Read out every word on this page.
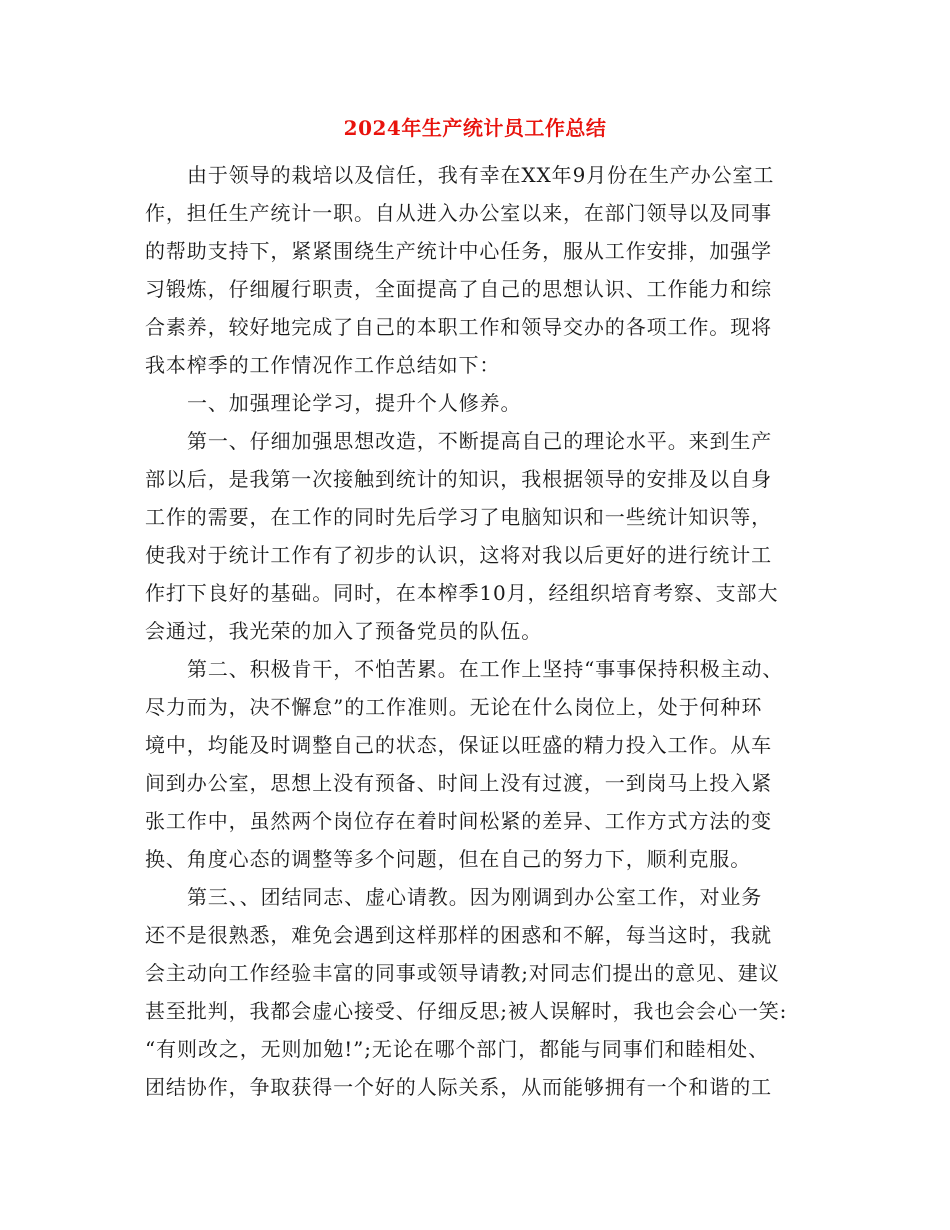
2024年生产统计员工作总结
由于领导的栽培以及信任，我有幸在XX年9月份在生产办公室工
作，担任生产统计一职。自从进入办公室以来，在部门领导以及同事
的帮助支持下，紧紧围绕生产统计中心任务，服从工作安排，加强学
习锻炼，仔细履行职责，全面提高了自己的思想认识、工作能力和综
合素养，较好地完成了自己的本职工作和领导交办的各项工作。现将
我本榨季的工作情况作工作总结如下：
一、加强理论学习，提升个人修养。
第一、仔细加强思想改造，不断提高自己的理论水平。来到生产
部以后，是我第一次接触到统计的知识，我根据领导的安排及以自身
工作的需要，在工作的同时先后学习了电脑知识和一些统计知识等，
使我对于统计工作有了初步的认识，这将对我以后更好的进行统计工
作打下良好的基础。同时，在本榨季10月，经组织培育考察、支部大
会通过，我光荣的加入了预备党员的队伍。
第二、积极肯干，不怕苦累。在工作上坚持“事事保持积极主动、
尽力而为，决不懈怠”的工作准则。无论在什么岗位上，处于何种环
境中，均能及时调整自己的状态，保证以旺盛的精力投入工作。从车
间到办公室，思想上没有预备、时间上没有过渡，一到岗马上投入紧
张工作中，虽然两个岗位存在着时间松紧的差异、工作方式方法的变
换、角度心态的调整等多个问题，但在自己的努力下，顺利克服。
第三、、团结同志、虚心请教。因为刚调到办公室工作，对业务
还不是很熟悉，难免会遇到这样那样的困惑和不解，每当这时，我就
会主动向工作经验丰富的同事或领导请教;对同志们提出的意见、建议
甚至批判，我都会虚心接受、仔细反思;被人误解时，我也会会心一笑:
“有则改之，无则加勉!”;无论在哪个部门，都能与同事们和睦相处、
团结协作，争取获得一个好的人际关系，从而能够拥有一个和谐的工
